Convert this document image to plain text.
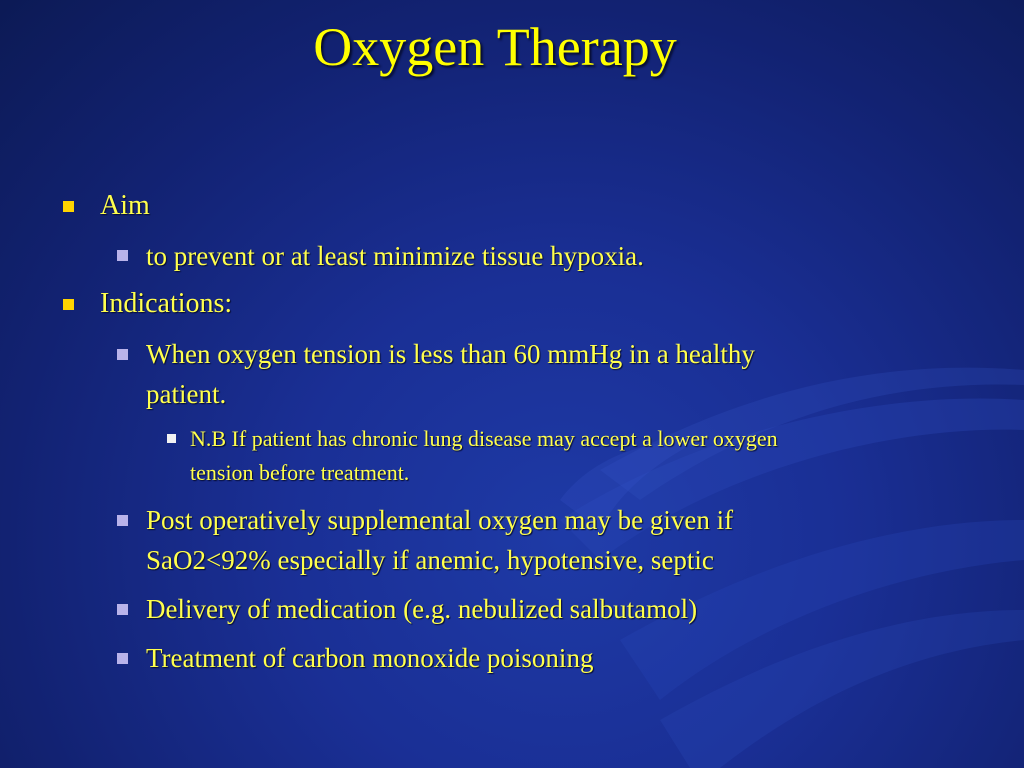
Oxygen Therapy
Aim
to prevent or at least minimize tissue hypoxia.
Indications:
When oxygen tension is less than 60 mmHg in a healthy
patient.
N.B If patient has chronic lung disease may accept a lower oxygen
tension before treatment.
Post operatively supplemental oxygen may be given if
SaO2<92% especially if anemic, hypotensive, septic
Delivery of medication (e.g. nebulized salbutamol)
Treatment of carbon monoxide poisoning
